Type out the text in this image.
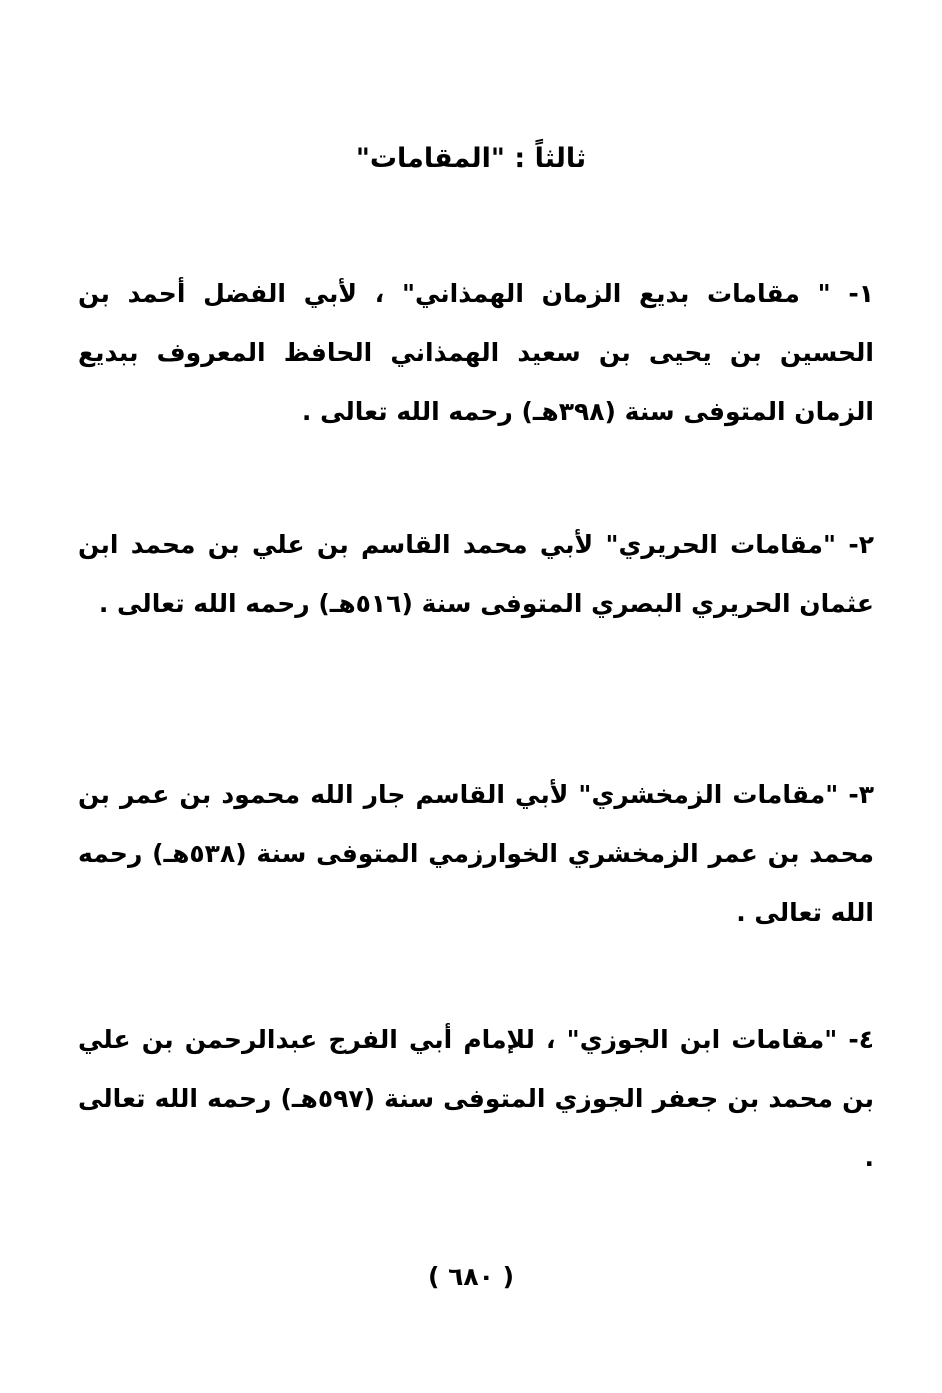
ثالثاً : "المقامات"

١- " مقامات بديع الزمان الهمذاني" ، لأبي الفضل أحمد بن الحسين بن يحيى بن سعيد الهمذاني الحافظ المعروف ببديع الزمان المتوفى سنة (٣٩٨هـ) رحمه الله تعالى .

٢- "مقامات الحريري" لأبي محمد القاسم بن علي بن محمد ابن عثمان الحريري البصري المتوفى سنة (٥١٦هـ) رحمه الله تعالى .

٣- "مقامات الزمخشري" لأبي القاسم جار الله محمود بن عمر بن محمد بن عمر الزمخشري الخوارزمي المتوفى سنة (٥٣٨هـ) رحمه الله تعالى .

٤- "مقامات ابن الجوزي" ، للإمام أبي الفرج عبدالرحمن بن علي بن محمد بن جعفر الجوزي المتوفى سنة (٥٩٧هـ) رحمه الله تعالى .

( ٦٨٠ )
